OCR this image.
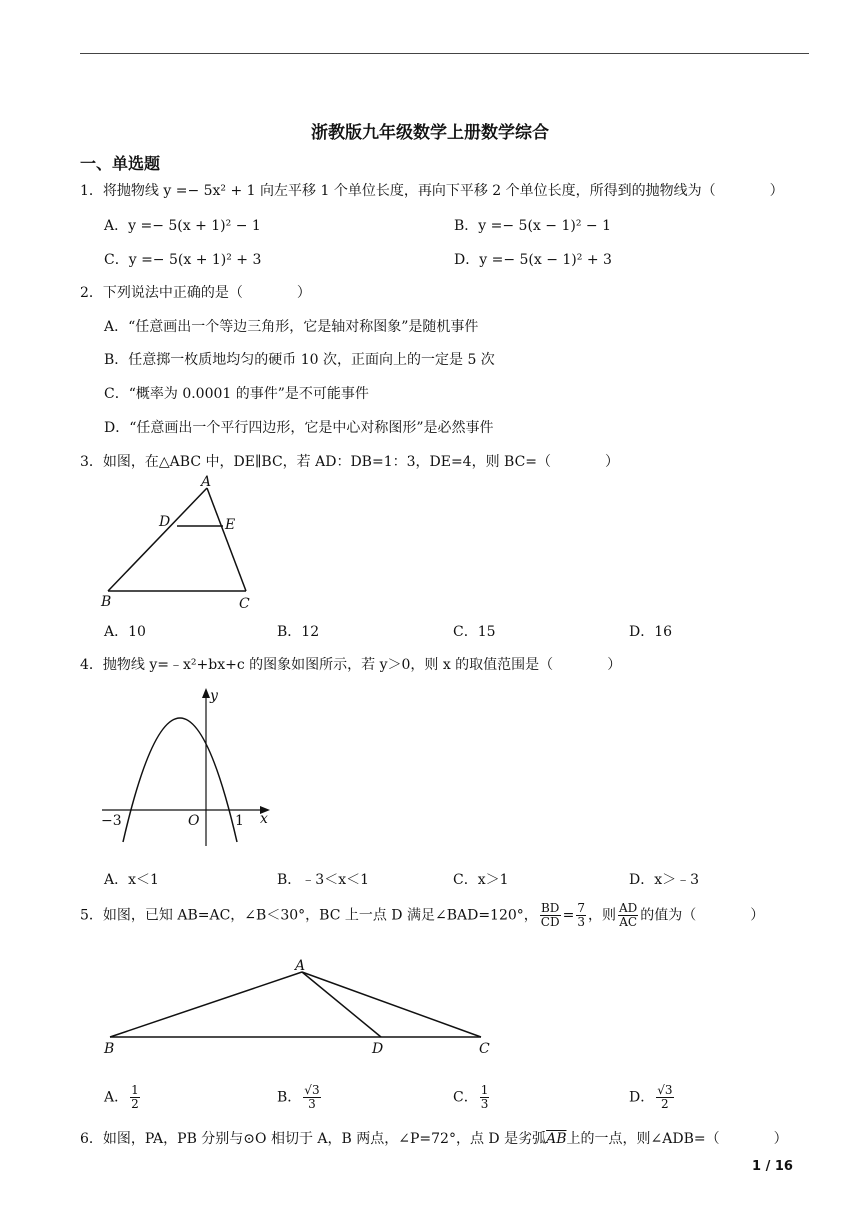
浙教版九年级数学上册数学综合
一、单选题
1．将抛物线 y =− 5x² + 1 向左平移 1 个单位长度，再向下平移 2 个单位长度，所得到的抛物线为（	）
A．y =− 5(x + 1)² − 1	B．y =− 5(x − 1)² − 1
C．y =− 5(x + 1)² + 3	D．y =− 5(x − 1)² + 3
2．下列说法中正确的是（	）
A．“任意画出一个等边三角形，它是轴对称图象”是随机事件
B．任意掷一枚质地均匀的硬币 10 次，正面向上的一定是 5 次
C．“概率为 0.0001 的事件”是不可能事件
D．“任意画出一个平行四边形，它是中心对称图形”是必然事件
3．如图，在△ABC 中，DE∥BC，若 AD：DB=1：3，DE=4，则 BC=（	）
A
D	E
B	C
A．10	B．12	C．15	D．16
4．抛物线 y=﹣x²+bx+c 的图象如图所示，若 y＞0，则 x 的取值范围是（	）
y
x
O
−3	1
A．x＜1	B．﹣3＜x＜1	C．x＞1	D．x＞﹣3
5．如图，已知 AB=AC，∠B＜30°，BC 上一点 D 满足∠BAD=120°， $\frac{BD}{CD} = \frac{7}{3}$ ，则 $\frac{AD}{AC}$ 的值为（	）
A
B	D	C
A． $\frac{1}{2}$	B． $\frac{√3}{3}$	C． $\frac{1}{3}$	D． $\frac{√3}{2}$
6．如图，PA，PB 分别与⊙O 相切于 A，B 两点，∠P=72°，点 D 是劣弧$\overline{AB}$上的一点，则∠ADB=（	）
1 / 16
